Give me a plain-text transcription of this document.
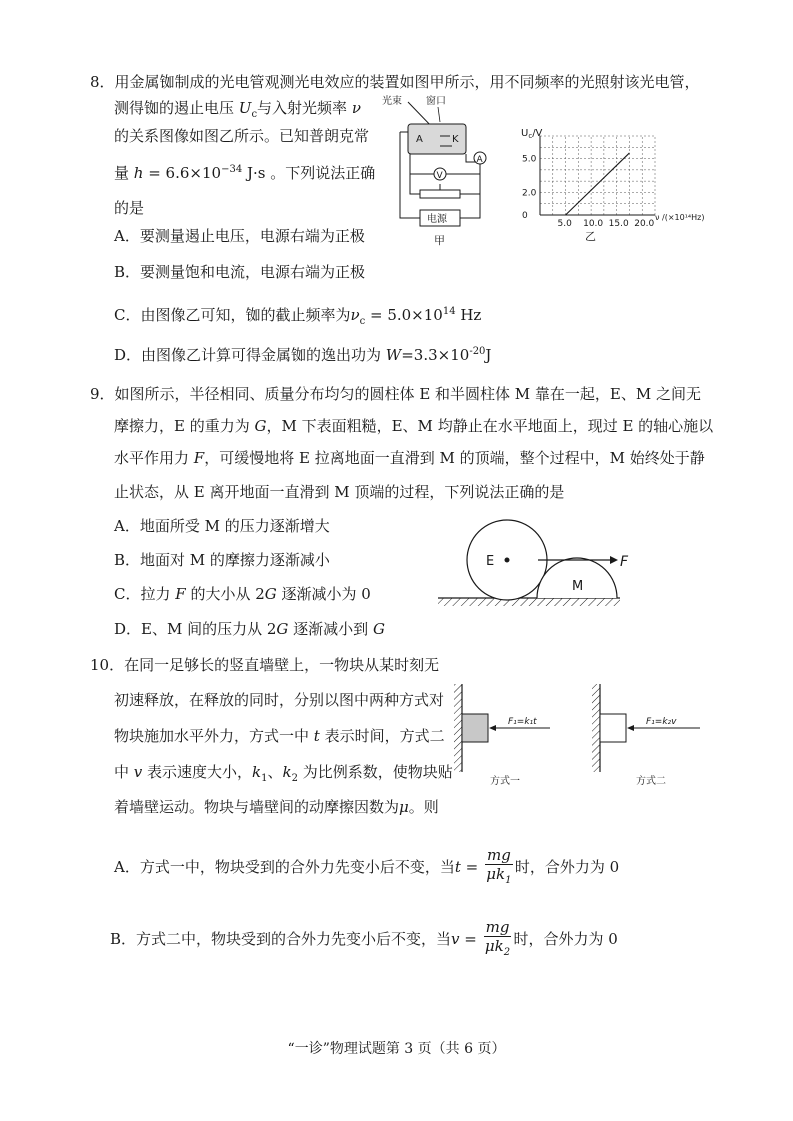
8．用金属铷制成的光电管观测光电效应的装置如图甲所示，用不同频率的光照射该光电管，
测得铷的遏止电压 $U_c$与入射光频率 ν
的关系图像如图乙所示。已知普朗克常
量 $h = 6.6\times 10^{-34}$ J·s 。下列说法正确
的是
A．要测量遏止电压，电源右端为正极
B．要测量饱和电流，电源右端为正极
C．由图像乙可知，铷的截止频率为$\nu_c = 5.0\times 10^{14}$ Hz
D．由图像乙计算可得金属铷的逸出功为 $W=3.3\times 10^{-20}J$
光束 窗口
A	K
A
V
电源
甲
$U_c/V$
ν /(×10¹⁴Hz)
乙
5.0 10.0 15.0 20.0
0
2.0
5.0
9．如图所示，半径相同、质量分布均匀的圆柱体 E 和半圆柱体 M 靠在一起，E、M 之间无
摩擦力，E 的重力为 G，M 下表面粗糙，E、M 均静止在水平地面上，现过 E 的轴心施以
水平作用力 F，可缓慢地将 E 拉离地面一直滑到 M 的顶端，整个过程中，M 始终处于静
止状态，从 E 离开地面一直滑到 M 顶端的过程，下列说法正确的是
A．地面所受 M 的压力逐渐增大
B．地面对 M 的摩擦力逐渐减小
C．拉力 F 的大小从 2G 逐渐减小为 0
D．E、M 间的压力从 2G 逐渐减小到 G
E
M
F
10．在同一足够长的竖直墙壁上，一物块从某时刻无
初速释放，在释放的同时，分别以图中两种方式对
物块施加水平外力，方式一中 t 表示时间，方式二
中 v 表示速度大小，$k_1$、$k_2$ 为比例系数，使物块贴
着墙壁运动。物块与墙壁间的动摩擦因数为μ。则
A．方式一中，物块受到的合外力先变小后不变，当$t = \frac{mg}{\mu k_1}$ 时，合外力为 0
B．方式二中，物块受到的合外力先变小后不变，当$v = \frac{mg}{\mu k_2}$ 时，合外力为 0
F₁=k₁t
方式一
F₁=k₂v
方式二
“一诊”物理试题第 3 页（共 6 页）
